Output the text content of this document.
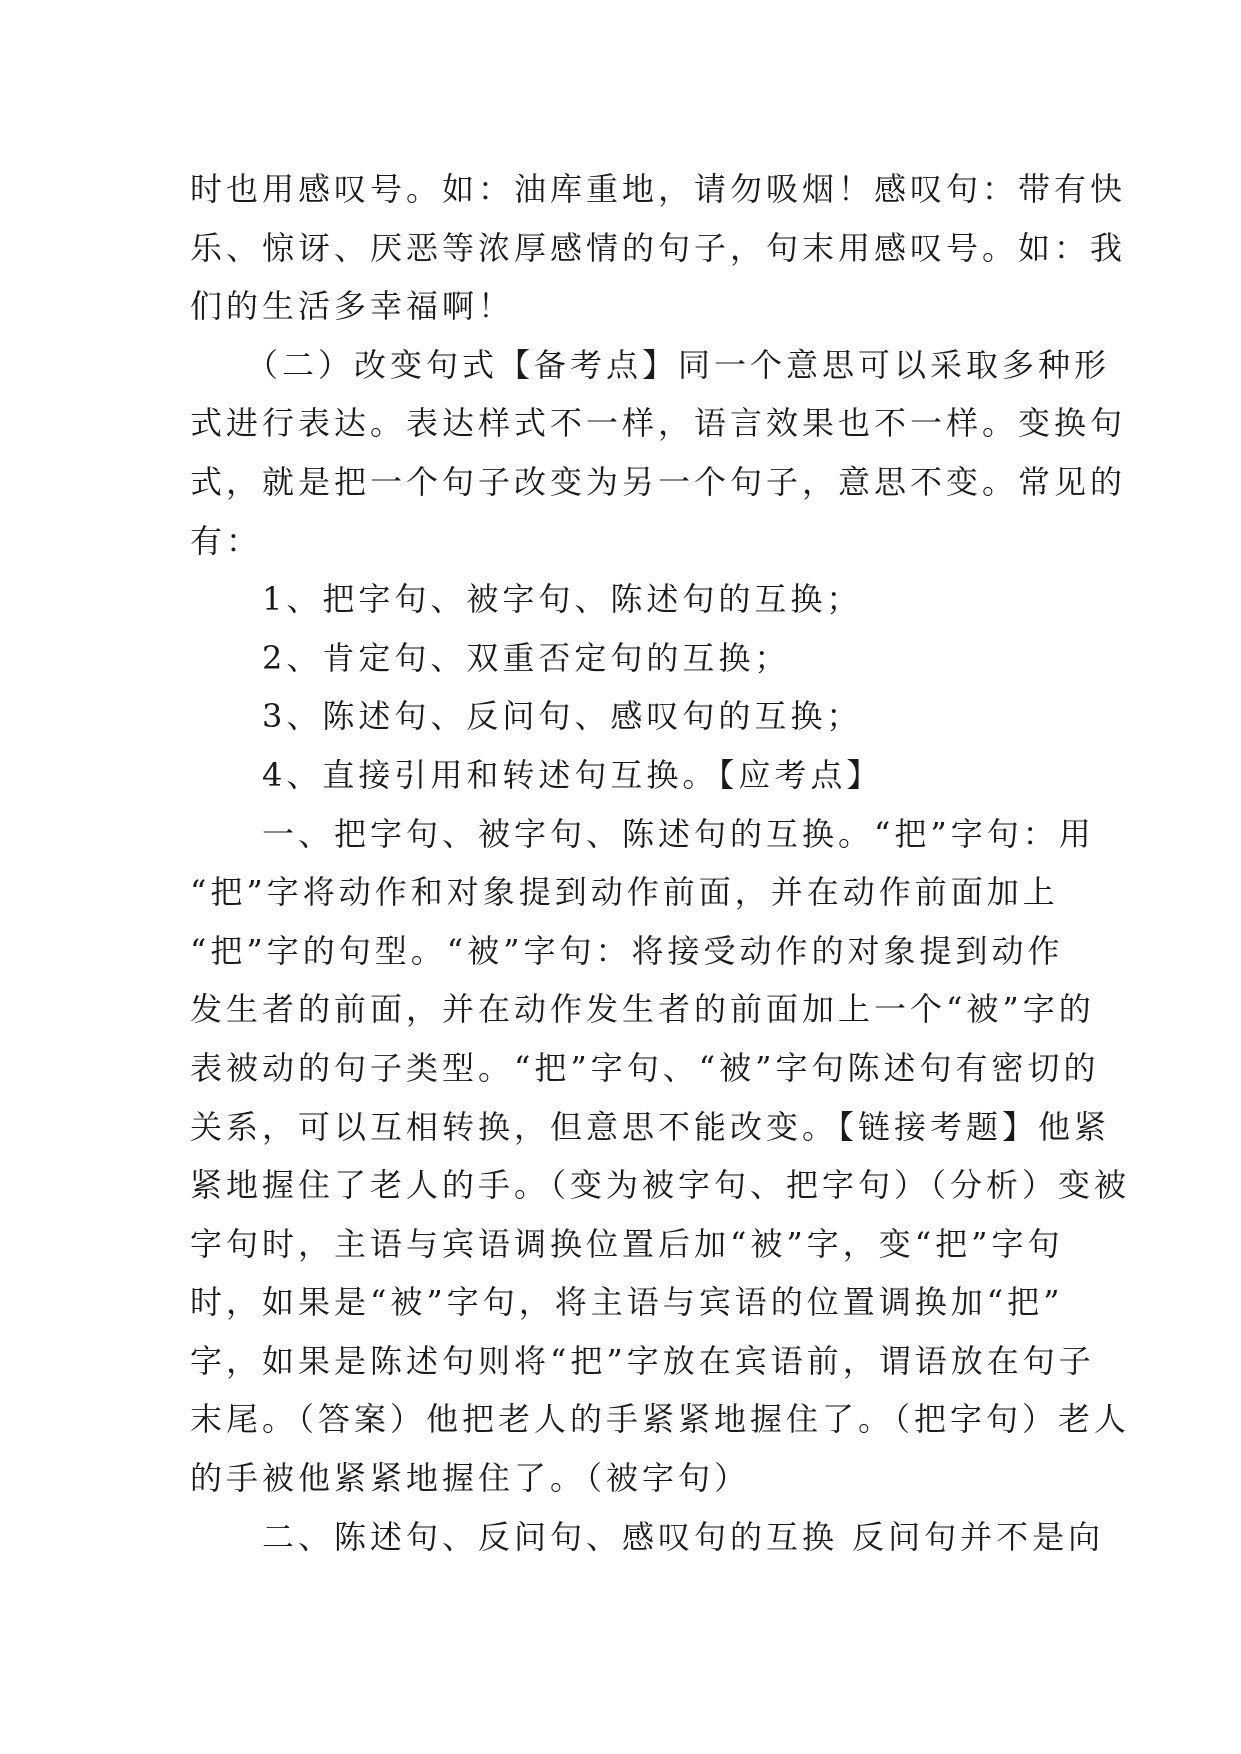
时也用感叹号。如：油库重地，请勿吸烟！感叹句：带有快
乐、惊讶、厌恶等浓厚感情的句子，句末用感叹号。如：我
们的生活多幸福啊！
　　（二）改变句式【备考点】同一个意思可以采取多种形
式进行表达。表达样式不一样，语言效果也不一样。变换句
式，就是把一个句子改变为另一个句子，意思不变。常见的
有：
　　1、把字句、被字句、陈述句的互换；
　　2、肯定句、双重否定句的互换；
　　3、陈述句、反问句、感叹句的互换；
　　4、直接引用和转述句互换。【应考点】
　　一、把字句、被字句、陈述句的互换。“把”字句：用
“把”字将动作和对象提到动作前面，并在动作前面加上
“把”字的句型。“被”字句：将接受动作的对象提到动作
发生者的前面，并在动作发生者的前面加上一个“被”字的
表被动的句子类型。“把”字句、“被”字句陈述句有密切的
关系，可以互相转换，但意思不能改变。【链接考题】他紧
紧地握住了老人的手。（变为被字句、把字句）（分析）变被
字句时，主语与宾语调换位置后加“被”字，变“把”字句
时，如果是“被”字句，将主语与宾语的位置调换加“把”
字，如果是陈述句则将“把”字放在宾语前，谓语放在句子
末尾。（答案）他把老人的手紧紧地握住了。（把字句）老人
的手被他紧紧地握住了。（被字句）
　　二、陈述句、反问句、感叹句的互换 反问句并不是向
